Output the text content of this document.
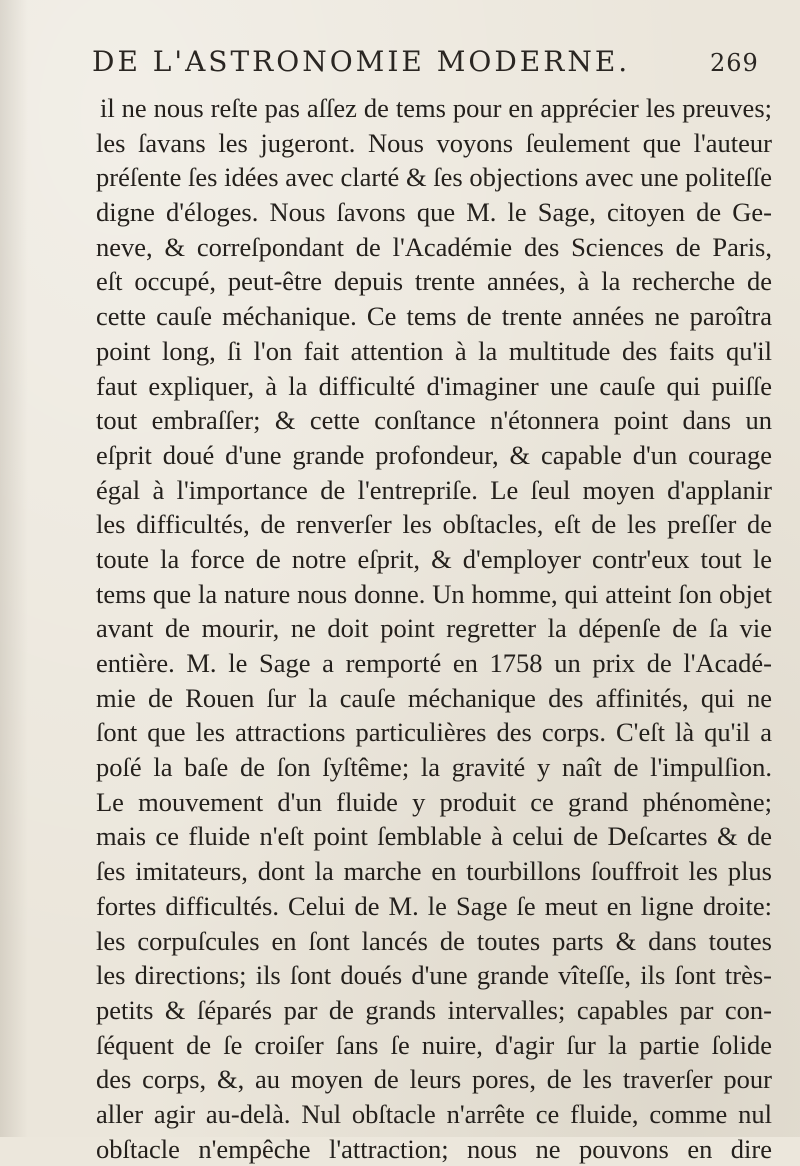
DE L'ASTRONOMIE MODERNE.	269
il ne nous reſte pas aſſez de tems pour en apprécier les preuves;
les ſavans les jugeront. Nous voyons ſeulement que l'auteur
préſente ſes idées avec clarté & ſes objections avec une politeſſe
digne d'éloges. Nous ſavons que M. le Sage, citoyen de Ge-
neve, & correſpondant de l'Académie des Sciences de Paris,
eſt occupé, peut-être depuis trente années, à la recherche de
cette cauſe méchanique. Ce tems de trente années ne paroîtra
point long, ſi l'on fait attention à la multitude des faits qu'il
faut expliquer, à la difficulté d'imaginer une cauſe qui puiſſe
tout embraſſer; & cette conſtance n'étonnera point dans un
eſprit doué d'une grande profondeur, & capable d'un courage
égal à l'importance de l'entrepriſe. Le ſeul moyen d'applanir
les difficultés, de renverſer les obſtacles, eſt de les preſſer de
toute la force de notre eſprit, & d'employer contr'eux tout le
tems que la nature nous donne. Un homme, qui atteint ſon objet
avant de mourir, ne doit point regretter la dépenſe de ſa vie
entière. M. le Sage a remporté en 1758 un prix de l'Acadé-
mie de Rouen ſur la cauſe méchanique des affinités, qui ne
ſont que les attractions particulières des corps. C'eſt là qu'il a
poſé la baſe de ſon ſyſtême; la gravité y naît de l'impulſion.
Le mouvement d'un fluide y produit ce grand phénomène;
mais ce fluide n'eſt point ſemblable à celui de Deſcartes & de
ſes imitateurs, dont la marche en tourbillons ſouffroit les plus
fortes difficultés. Celui de M. le Sage ſe meut en ligne droite:
les corpuſcules en ſont lancés de toutes parts & dans toutes
les directions; ils ſont doués d'une grande vîteſſe, ils ſont très-
petits & ſéparés par de grands intervalles; capables par con-
ſéquent de ſe croiſer ſans ſe nuire, d'agir ſur la partie ſolide
des corps, &, au moyen de leurs pores, de les traverſer pour
aller agir au-delà. Nul obſtacle n'arrête ce fluide, comme nul
obſtacle n'empêche l'attraction; nous ne pouvons en dire
